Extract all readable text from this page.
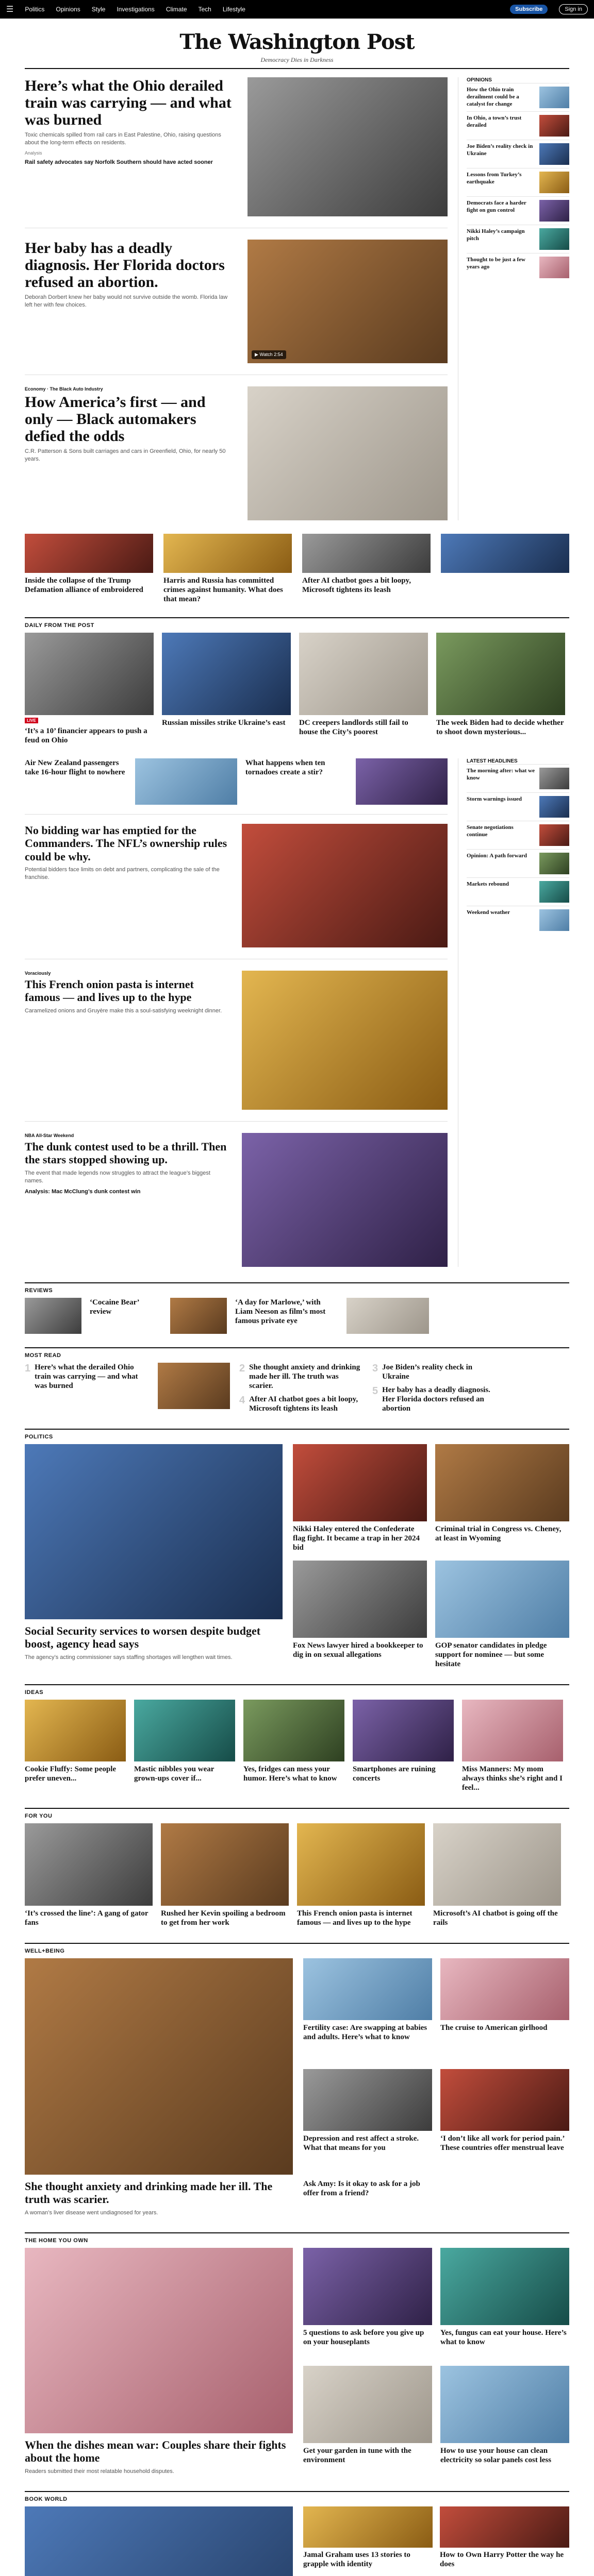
☰ Politics Opinions Style Investigations Climate Tech Lifestyle	Subscribe	Sign in
The Washington Post
Democracy Dies in Darkness
Here’s what the Ohio derailed train was carrying — and what was burned

Toxic chemicals spilled from rail cars in East Palestine, Ohio, raising questions about the long-term effects on residents.

Analysis
Rail safety advocates say Norfolk Southern should have acted sooner
Her baby has a deadly diagnosis. Her Florida doctors refused an abortion.

Deborah Dorbert knew her baby would not survive outside the womb. Florida law left her with few choices.

▶ Watch 2:54
Economy · The Black Auto Industry
How America’s first — and only — Black automakers defied the odds

C.R. Patterson & Sons built carriages and cars in Greenfield, Ohio, for nearly 50 years.

OPINIONS
How the Ohio train derailment could be a catalyst for change
In Ohio, a town’s trust derailed
Joe Biden’s reality check in Ukraine
Lessons from Turkey’s earthquake
Democrats face a harder fight on gun control
Nikki Haley’s campaign pitch
Thought to be just a few years ago
Inside the collapse of the Trump Defamation alliance of embroidered
Harris and Russia has committed crimes against humanity. What does that mean?
After AI chatbot goes a bit loopy, Microsoft tightens its leash
DAILY FROM THE POST
LIVE
‘It’s a 10’ financier appears to push a feud on Ohio
Russian missiles strike Ukraine’s east	DC creepers landlords still fail to house the City’s poorest
The week Biden had to decide whether to shoot down mysterious...
Air New Zealand passengers take 16-hour flight to nowhere
What happens when ten tornadoes create a stir?
No bidding war has emptied for the Commanders. The NFL’s ownership rules could be why.

Potential bidders face limits on debt and partners, complicating the sale of the franchise.

Voraciously
This French onion pasta is internet famous — and lives up to the hype

Caramelized onions and Gruyère make this a soul-satisfying weeknight dinner.

NBA All-Star Weekend
The dunk contest used to be a thrill. Then the stars stopped showing up.

The event that made legends now struggles to attract the league’s biggest names.

Analysis: Mac McClung’s dunk contest win
LATEST HEADLINES
The morning after: what we know
Storm warnings issued
Senate negotiations continue
Opinion: A path forward
Markets rebound
Weekend weather
REVIEWS
‘Cocaine Bear’ review
‘A day for Marlowe,’ with Liam Neeson as film’s most famous private eye
MOST READ
1 Here’s what the derailed Ohio train was carrying — and what was burned
2 She thought anxiety and drinking made her ill. The truth was scarier.
4 After AI chatbot goes a bit loopy, Microsoft tightens its leash
3 Joe Biden’s reality check in Ukraine
5 Her baby has a deadly diagnosis. Her Florida doctors refused an abortion
POLITICS
Social Security services to worsen despite budget boost, agency head says

The agency’s acting commissioner says staffing shortages will lengthen wait times.

Nikki Haley entered the Confederate flag fight. It became a trap in her 2024 bid
Criminal trial in Congress vs. Cheney, at least in Wyoming
Fox News lawyer hired a bookkeeper to dig in on sexual allegations
GOP senator candidates in pledge support for nominee — but some hesitate
IDEAS
Cookie Fluffy: Some people prefer uneven...
Mastic nibbles you wear grown-ups cover if...
Yes, fridges can mess your humor. Here’s what to know
Smartphones are ruining concerts
Miss Manners: My mom always thinks she’s right and I feel...
FOR YOU
‘It’s crossed the line’: A gang of gator fans
Rushed her Kevin spoiling a bedroom to get from her work
This French onion pasta is internet famous — and lives up to the hype
Microsoft’s AI chatbot is going off the rails
WELL+BEING
She thought anxiety and drinking made her ill. The truth was scarier.

A woman’s liver disease went undiagnosed for years.

Fertility case: Are swapping at babies and adults. Here’s what to know
The cruise to American girlhood
Depression and rest affect a stroke. What that means for you
‘I don’t like all work for period pain.’ These countries offer menstrual leave
Ask Amy: Is it okay to ask for a job offer from a friend?
THE HOME YOU OWN
When the dishes mean war: Couples share their fights about the home

Readers submitted their most relatable household disputes.

5 questions to ask before you give up on your houseplants
Yes, fungus can eat your house. Here’s what to know
Get your garden in tune with the environment
How to use your house can clean electricity so solar panels cost less
BOOK WORLD

Jamal Graham uses 13 stories to grapple with identity
How to Own Harry Potter the way he does
